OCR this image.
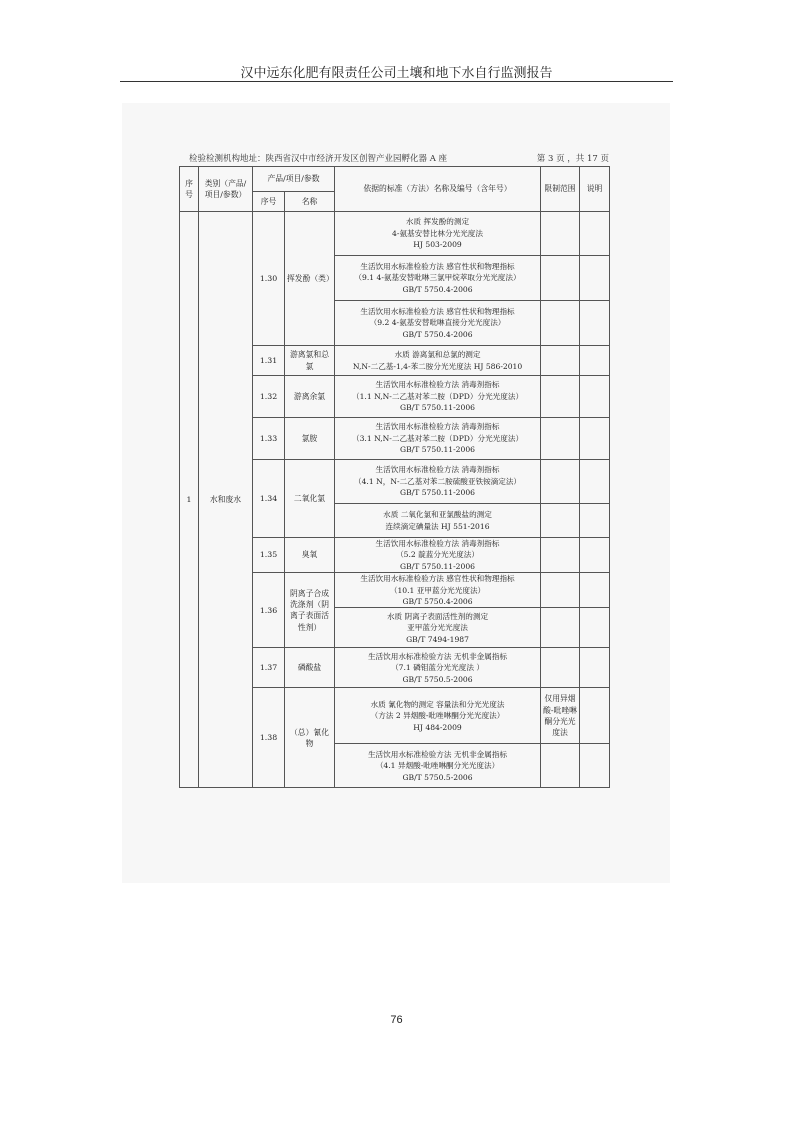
汉中远东化肥有限责任公司土壤和地下水自行监测报告
检验检测机构地址：陕西省汉中市经济开发区创智产业园孵化器 A 座	第 3 页 ，共 17 页
序号	类别（产品/项目/参数）	产品/项目/参数		依据的标准（方法）名称及编号（含年号）	限制范围	说明
		序号	名称			
1	水和废水	1.30	挥发酚（类）	水质 挥发酚的测定
4-氨基安替比林分光光度法
HJ 503-2009		

				生活饮用水标准检验方法 感官性状和物理指标
（9.1 4-氨基安替吡啉三氯甲烷萃取分光光度法）
GB/T 5750.4-2006		

				生活饮用水标准检验方法 感官性状和物理指标
（9.2 4-氨基安替吡啉直接分光光度法）
GB/T 5750.4-2006		

		1.31	游离氯和总氯	水质 游离氯和总氯的测定
N,N-二乙基-1,4-苯二胺分光光度法 HJ 586-2010		

		1.32	游离余氯	生活饮用水标准检验方法 消毒剂指标
（1.1 N,N-二乙基对苯二胺（DPD）分光光度法）
GB/T 5750.11-2006		

		1.33	氯胺	生活饮用水标准检验方法 消毒剂指标
（3.1 N,N-二乙基对苯二胺（DPD）分光光度法）
GB/T 5750.11-2006		

		1.34	二氧化氯	生活饮用水标准检验方法 消毒剂指标
（4.1 N，N-二乙基对苯二胺硫酸亚铁铵滴定法）
GB/T 5750.11-2006		

				水质 二氧化氯和亚氯酸盐的测定
连续滴定碘量法 HJ 551-2016		

		1.35	臭氧	生活饮用水标准检验方法 消毒剂指标
（5.2 靛蓝分光光度法）
GB/T 5750.11-2006		

		1.36	阴离子合成洗涤剂（阴离子表面活性剂）	生活饮用水标准检验方法 感官性状和物理指标
（10.1 亚甲蓝分光光度法）
GB/T 5750.4-2006		

				水质 阴离子表面活性剂的测定
亚甲蓝分光光度法
GB/T 7494-1987		

		1.37	磷酸盐	生活饮用水标准检验方法 无机非金属指标
（7.1 磷钼蓝分光光度法 ）
GB/T 5750.5-2006		

		1.38	（总）氰化物	水质 氰化物的测定 容量法和分光光度法
（方法 2 异烟酸-吡唑啉酮分光光度法）
HJ 484-2009	仅用异烟酸-吡唑啉酮分光光度法	

				生活饮用水标准检验方法 无机非金属指标
（4.1 异烟酸-吡唑啉酮分光光度法）
GB/T 5750.5-2006		

76
